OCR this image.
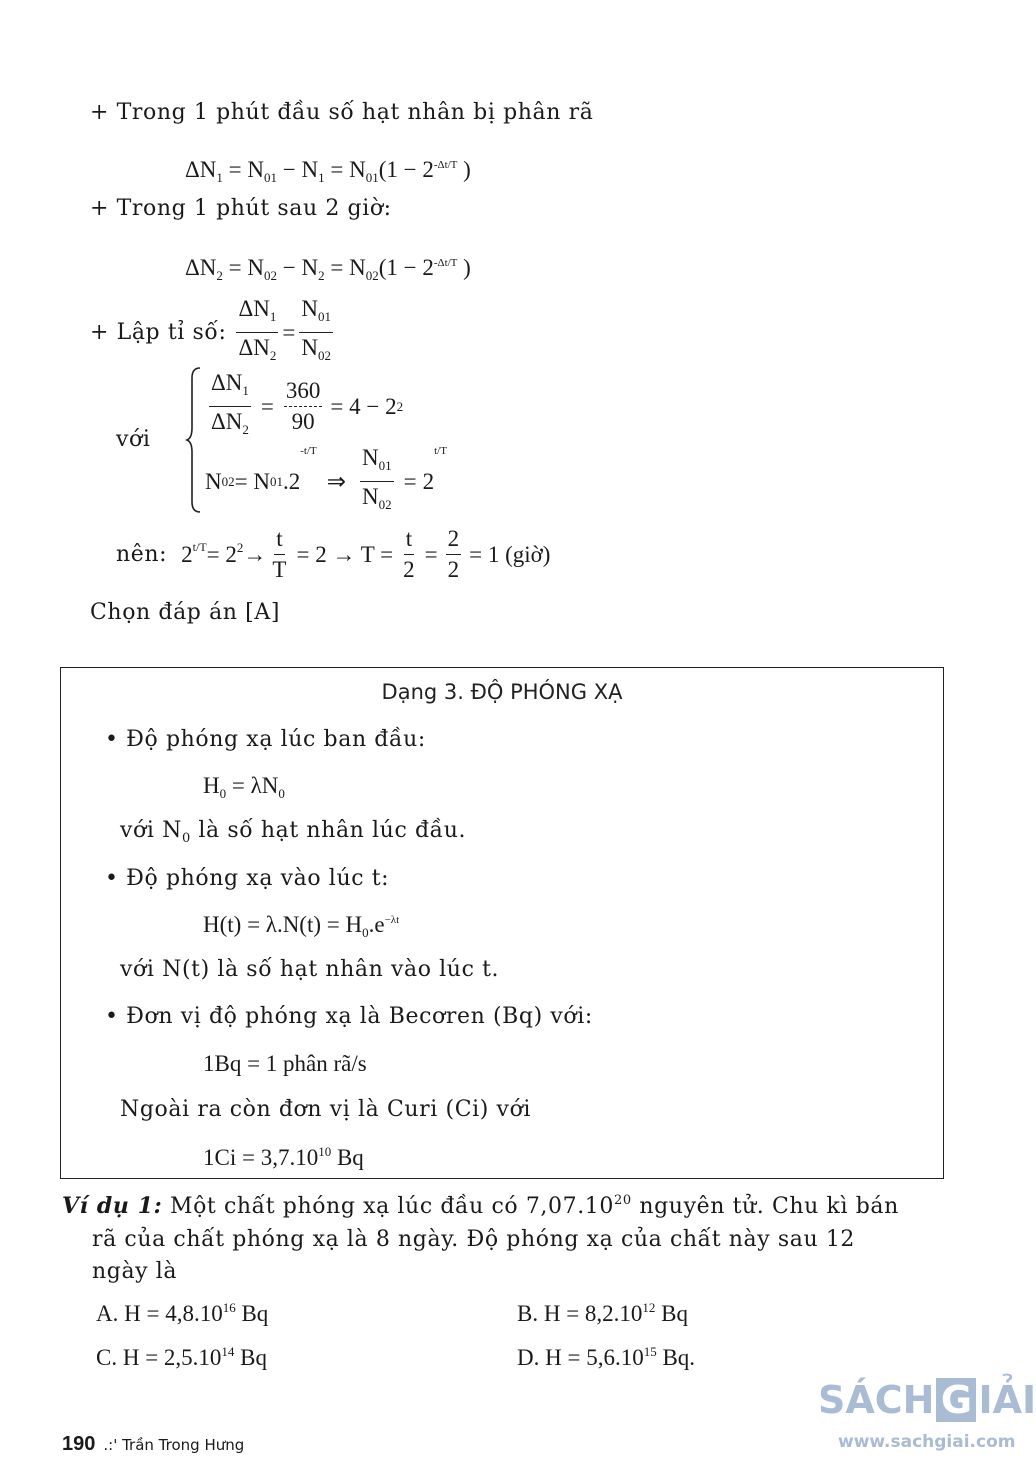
+ Trong 1 phút đầu số hạt nhân bị phân rã
$\Delta N_1 = N_{01} - N_1 = N_{01}(1 - 2^{-\Delta t/T}$ )
+ Trong 1 phút sau 2 giờ:
$\Delta N_2 = N_{02} - N_2 = N_{02}(1 - 2^{-\Delta t/T}$ )
+ Lập tỉ số: $\frac{\Delta N_1}{\Delta N_2} = \frac{N_{01}}{N_{02}}$
với	$\frac{\Delta N_1}{\Delta N_2} = \frac{360}{90} = 4 - 2$ 2
N 02 = N 01 .2
-t/T
⇒ $\frac{N_{01}}{N_{02}} = 2$
t/T
nên: $2^{t/T} = 2^2 \to \frac{t}{T} = 2 \to T = \frac{t}{2} = \frac{2}{2} = 1$ (giờ)
Chọn đáp án [A]
Dạng 3. ĐỘ PHÓNG XẠ
• Độ phóng xạ lúc ban đầu:
$H_0 = \lambda N_0$
với $N_0$ là số hạt nhân lúc đầu.
• Độ phóng xạ vào lúc t:
$H(t) = \lambda.N(t) = H_0.e^{-\lambda t}$
với N(t) là số hạt nhân vào lúc t.
• Đơn vị độ phóng xạ là Becơren (Bq) với:
1Bq = 1 phân rã/s
Ngoài ra còn đơn vị là Curi (Ci) với
$1Ci = 3,7.10^{10}$ Bq
Ví dụ 1: Một chất phóng xạ lúc đầu có 7,07.10$^{20}$ nguyên tử. Chu kì bán
rã của chất phóng xạ là 8 ngày. Độ phóng xạ của chất này sau 12
ngày là
A. $H = 4,8.10^{16}$ Bq	B. $H = 8,2.10^{12}$ Bq
C. $H = 2,5.10^{14}$ Bq	D. $H = 5,6.10^{15}$ Bq.
190 .:' Trần Trong Hưng
SÁCH G IẢI
www.sachgiai.com
